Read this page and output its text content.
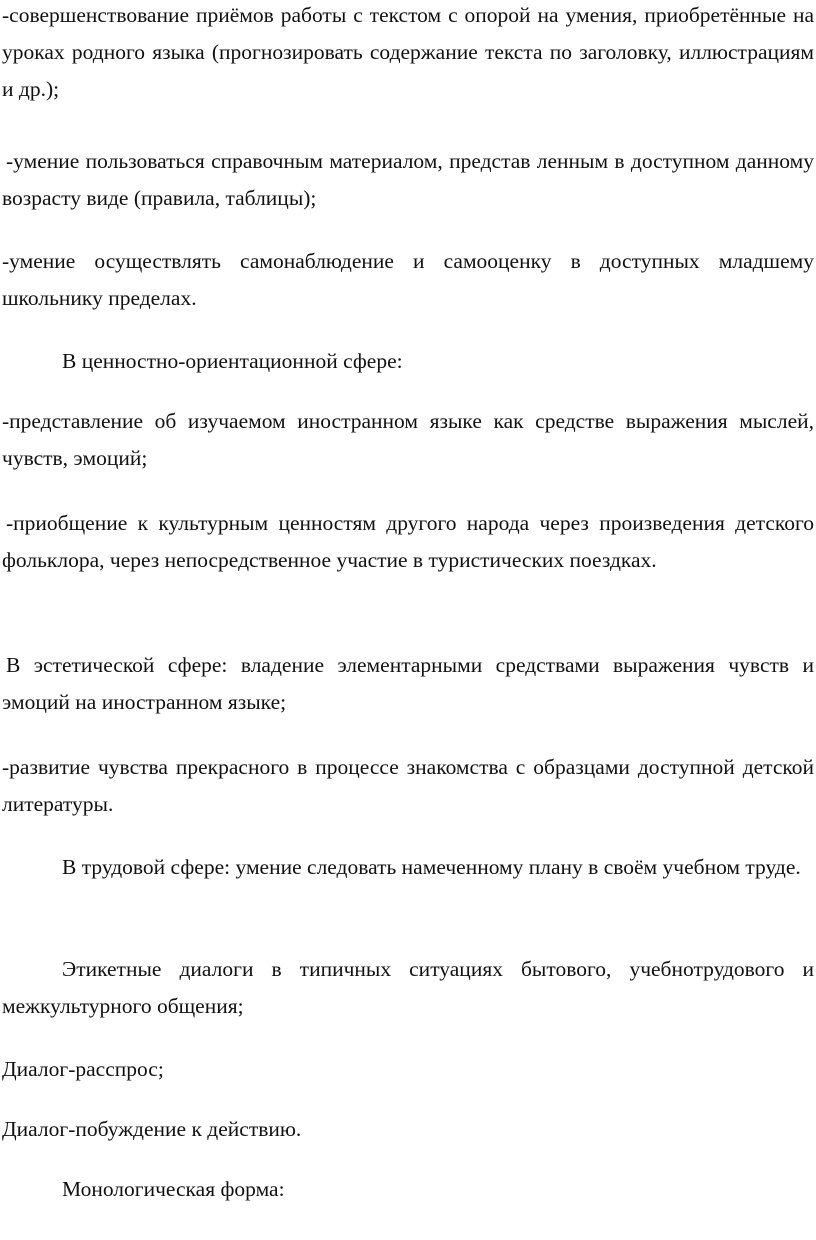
-совершенствование приёмов работы с текстом с опорой на умения, приобретённые на уроках родного языка (прогнозировать содержание текста по заголовку, иллюстрациям и др.);

-умение пользоваться справочным материалом, представ ленным в доступном данному возрасту виде (правила, таблицы);

-умение осуществлять самонаблюдение и самооценку в доступных младшему школьнику пределах.

В ценностно-ориентационной сфере:

-представление об изучаемом иностранном языке как средстве выражения мыслей, чувств, эмоций;

-приобщение к культурным ценностям другого народа через произведения детского фольклора, через непосредственное участие в туристических поездках.

В эстетической сфере: владение элементарными средствами выражения чувств и эмоций на иностранном языке;

-развитие чувства прекрасного в процессе знакомства с образцами доступной детской литературы.

В трудовой сфере: умение следовать намеченному плану в своём учебном труде.

Этикетные диалоги в типичных ситуациях бытового, учебнотрудового и межкультурного общения;

Диалог-расспрос;

Диалог-побуждение к действию.

Монологическая форма:
